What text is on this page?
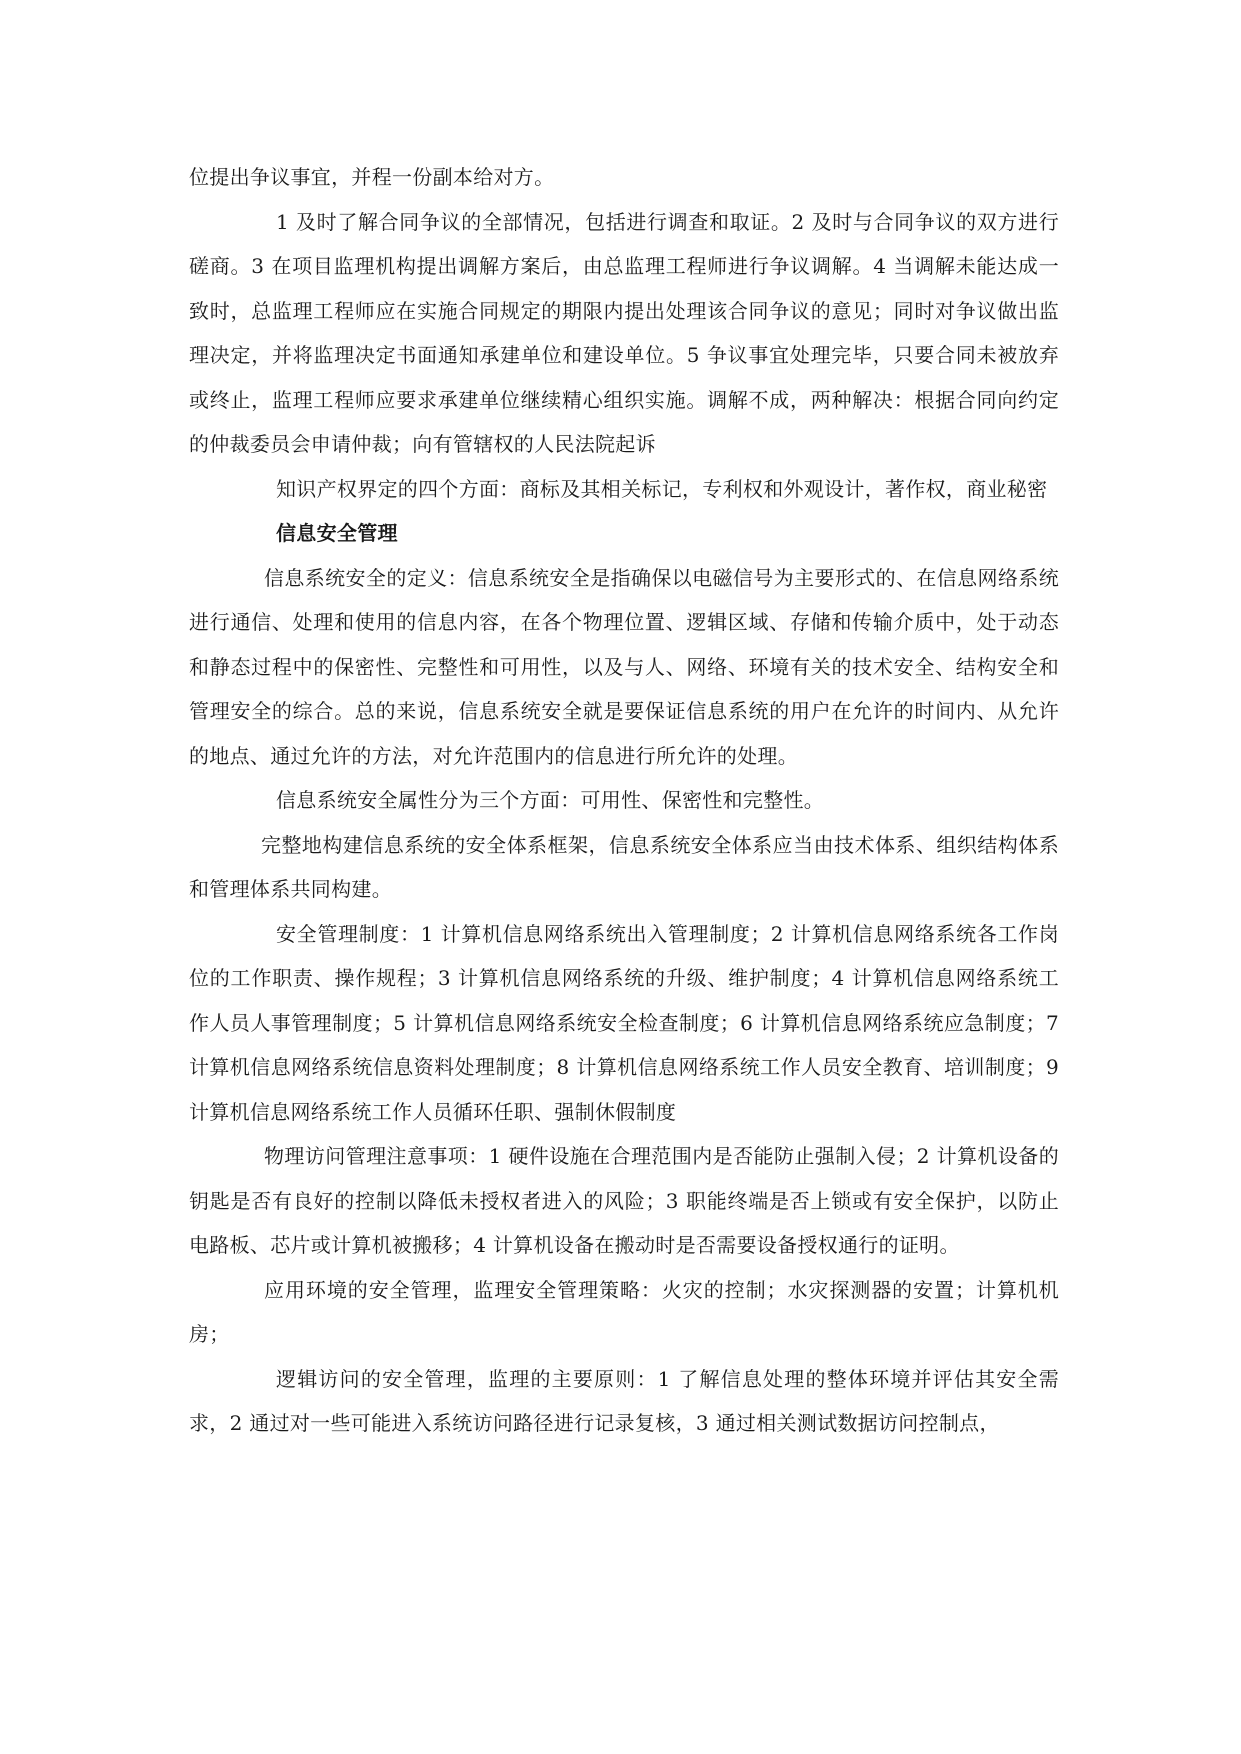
位提出争议事宜，并程一份副本给对方。

1 及时了解合同争议的全部情况，包括进行调查和取证。2 及时与合同争议的双方进行磋商。3 在项目监理机构提出调解方案后，由总监理工程师进行争议调解。4 当调解未能达成一致时，总监理工程师应在实施合同规定的期限内提出处理该合同争议的意见；同时对争议做出监理决定，并将监理决定书面通知承建单位和建设单位。5 争议事宜处理完毕，只要合同未被放弃或终止，监理工程师应要求承建单位继续精心组织实施。调解不成，两种解决：根据合同向约定的仲裁委员会申请仲裁；向有管辖权的人民法院起诉

知识产权界定的四个方面：商标及其相关标记，专利权和外观设计，著作权，商业秘密

信息安全管理

信息系统安全的定义：信息系统安全是指确保以电磁信号为主要形式的、在信息网络系统进行通信、处理和使用的信息内容，在各个物理位置、逻辑区域、存储和传输介质中，处于动态和静态过程中的保密性、完整性和可用性，以及与人、网络、环境有关的技术安全、结构安全和管理安全的综合。总的来说，信息系统安全就是要保证信息系统的用户在允许的时间内、从允许的地点、通过允许的方法，对允许范围内的信息进行所允许的处理。

信息系统安全属性分为三个方面：可用性、保密性和完整性。

完整地构建信息系统的安全体系框架，信息系统安全体系应当由技术体系、组织结构体系和管理体系共同构建。

安全管理制度：1 计算机信息网络系统出入管理制度；2 计算机信息网络系统各工作岗位的工作职责、操作规程；3 计算机信息网络系统的升级、维护制度；4 计算机信息网络系统工作人员人事管理制度；5 计算机信息网络系统安全检查制度；6 计算机信息网络系统应急制度；7 计算机信息网络系统信息资料处理制度；8 计算机信息网络系统工作人员安全教育、培训制度；9 计算机信息网络系统工作人员循环任职、强制休假制度

物理访问管理注意事项：1 硬件设施在合理范围内是否能防止强制入侵；2 计算机设备的钥匙是否有良好的控制以降低未授权者进入的风险；3 职能终端是否上锁或有安全保护，以防止电路板、芯片或计算机被搬移；4 计算机设备在搬动时是否需要设备授权通行的证明。

应用环境的安全管理，监理安全管理策略：火灾的控制；水灾探测器的安置；计算机机房；

逻辑访问的安全管理，监理的主要原则：1 了解信息处理的整体环境并评估其安全需求，2 通过对一些可能进入系统访问路径进行记录复核，3 通过相关测试数据访问控制点，
